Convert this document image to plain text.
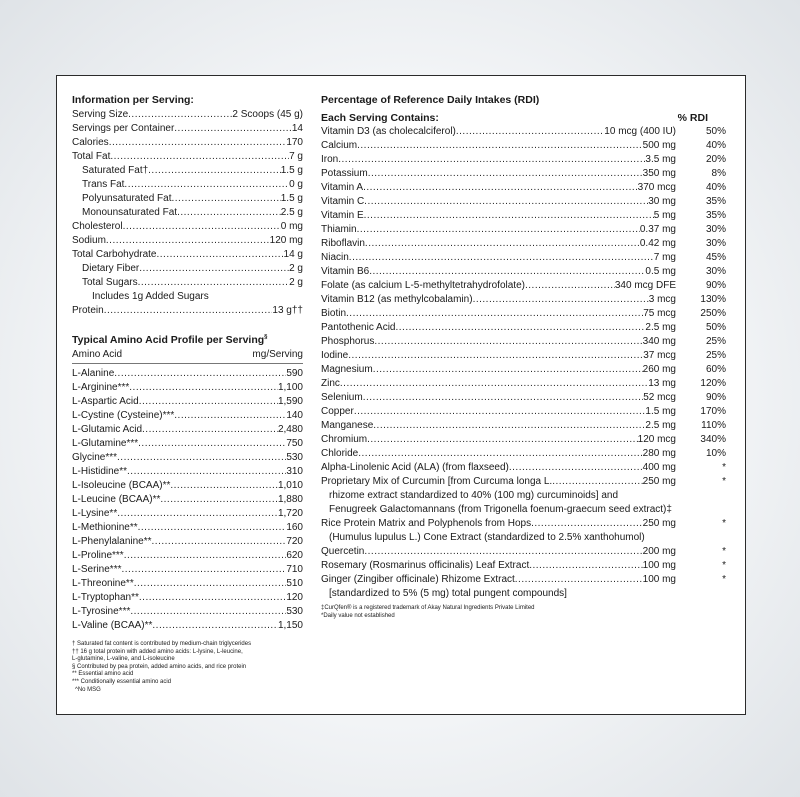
Information per Serving:
Serving Size .....	2 Scoops (45 g)
Servings per Container .....	14
Calories .....	170
Total Fat .....	7 g
Saturated Fat† .....	1.5 g
Trans Fat .....	0 g
Polyunsaturated Fat .....	1.5 g
Monounsaturated Fat .....	2.5 g
Cholesterol .....	0 mg
Sodium .....	120 mg
Total Carbohydrate .....	14 g
Dietary Fiber .....	2 g
Total Sugars .....	2 g
Includes 1g Added Sugars
Protein .....	13 g††
Typical Amino Acid Profile per Serving§
Amino Acid	mg/Serving
L-Alanine .....	590
L-Arginine*** .....	1,100
L-Aspartic Acid .....	1,590
L-Cystine (Cysteine)*** .....	140
L-Glutamic Acid .....	2,480
L-Glutamine*** .....	750
Glycine*** .....	530
L-Histidine** .....	310
L-Isoleucine (BCAA)** .....	1,010
L-Leucine (BCAA)** .....	1,880
L-Lysine** .....	1,720
L-Methionine** .....	160
L-Phenylalanine** .....	720
L-Proline*** .....	620
L-Serine*** .....	710
L-Threonine** .....	510
L-Tryptophan** .....	120
L-Tyrosine*** .....	530
L-Valine (BCAA)** .....	1,150
† Saturated fat content is contributed by medium-chain triglycerides
†† 16 g total protein with added amino acids: L-lysine, L-leucine,
L-glutamine, L-valine, and L-isoleucine
§ Contributed by pea protein, added amino acids, and rice protein
** Essential amino acid
*** Conditionally essential amino acid
Percentage of Reference Daily Intakes (RDI)
Each Serving Contains:	% RDI
Vitamin D3 (as cholecalciferol) .....	10 mcg (400 IU)	50%
Calcium .....	500 mg	40%
Iron .....	3.5 mg	20%
Potassium .....	350 mg	8%
Vitamin A .....	370 mcg	40%
Vitamin C .....	30 mg	35%
Vitamin E .....	5 mg	35%
Thiamin .....	0.37 mg	30%
Riboflavin .....	0.42 mg	30%
Niacin .....	7 mg	45%
Vitamin B6 .....	0.5 mg	30%
Folate (as calcium L-5-methyltetrahydrofolate) .....	340 mcg DFE	90%
Vitamin B12 (as methylcobalamin) .....	3 mcg	130%
Biotin .....	75 mcg	250%
Pantothenic Acid .....	2.5 mg	50%
Phosphorus .....	340 mg	25%
Iodine .....	37 mcg	25%
Magnesium .....	260 mg	60%
Zinc .....	13 mg	120%
Selenium .....	52 mcg	90%
Copper .....	1.5 mg	170%
Manganese .....	2.5 mg	110%
Chromium .....	120 mcg	340%
Chloride .....	280 mg	10%
Alpha-Linolenic Acid (ALA) (from flaxseed) .....	400 mg	*
Proprietary Mix of Curcumin [from Curcuma longa L. .....	250 mg	*
rhizome extract standardized to 40% (100 mg) curcuminoids] and
Fenugreek Galactomannans (from Trigonella foenum-graecum seed extract)‡
Rice Protein Matrix and Polyphenols from Hops .....	250 mg	*
(Humulus lupulus L.) Cone Extract (standardized to 2.5% xanthohumol)
Quercetin .....	200 mg	*
Rosemary (Rosmarinus officinalis) Leaf Extract .....	100 mg	*
Ginger (Zingiber officinale) Rhizome Extract .....	100 mg	*
[standardized to 5% (5 mg) total pungent compounds]
‡CurQfen® is a registered trademark of Akay Natural Ingredients Private Limited
*Daily value not established
^No MSG
